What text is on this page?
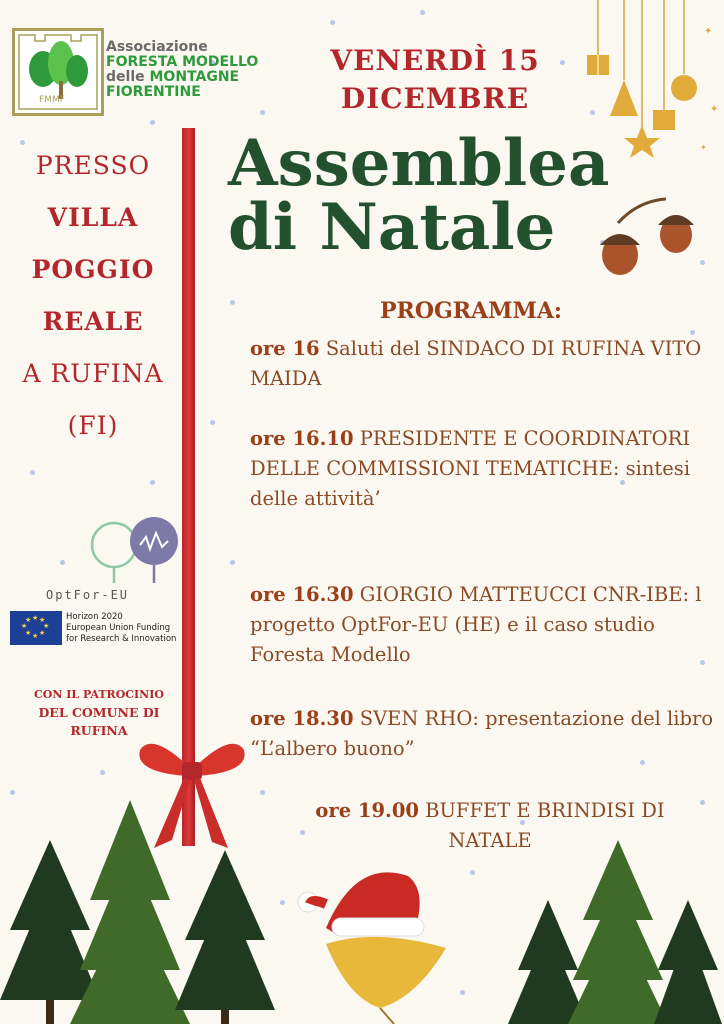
FMMF
Associazione
FORESTA MODELLO
delle MONTAGNE
FIORENTINE
VENERDÌ 15
DICEMBRE
✦
✦
✦
Assemblea
di Natale
PRESSO
VILLA
POGGIO
REALE
A RUFINA
(FI)
OptFor-EU
★ ★
★
★
★
★
★
★	Horizon 2020
European Union Funding
for Research & Innovation
CON IL PATROCINIO
DEL COMUNE DI
RUFINA
PROGRAMMA:
ore 16 Saluti del SINDACO DI RUFINA VITO MAIDA
ore 16.10 PRESIDENTE E COORDINATORI DELLE COMMISSIONI TEMATICHE: sintesi delle attività’
ore 16.30 GIORGIO MATTEUCCI CNR-IBE: l progetto OptFor-EU (HE) e il caso studio Foresta Modello
ore 18.30 SVEN RHO: presentazione del libro “L’albero buono”
ore 19.00 BUFFET E BRINDISI DI NATALE
